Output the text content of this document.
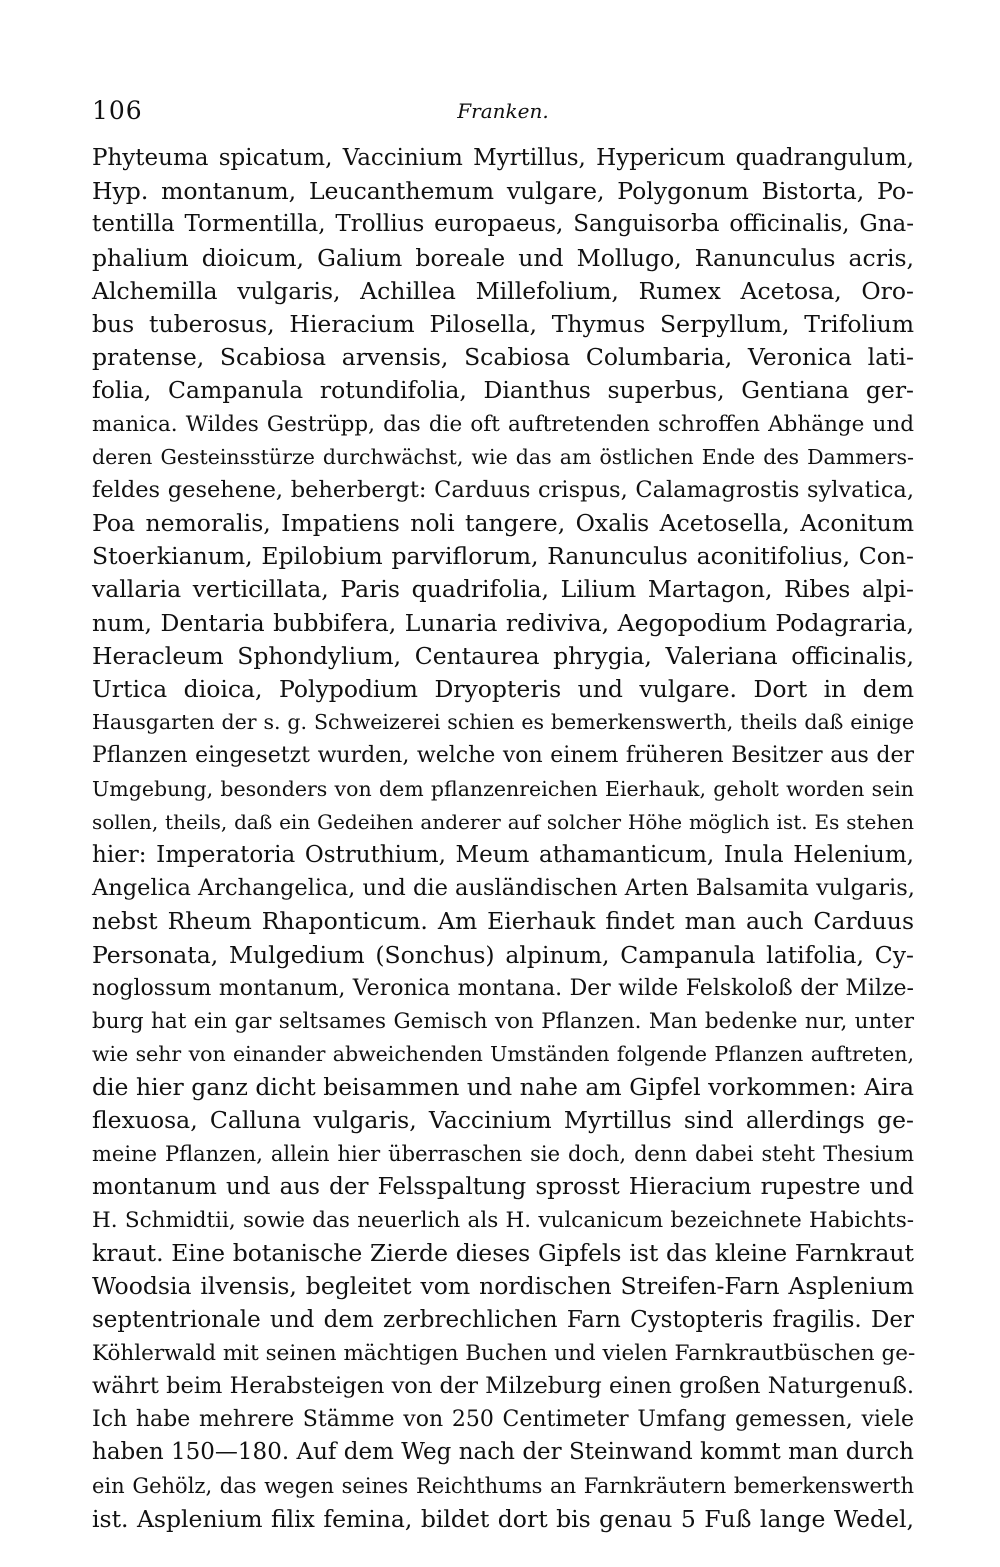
106	Franken.
Phyteuma spicatum, Vaccinium Myrtillus, Hypericum quadrangulum,
Hyp. montanum, Leucanthemum vulgare, Polygonum Bistorta, Po-
tentilla Tormentilla, Trollius europaeus, Sanguisorba officinalis, Gna-
phalium dioicum, Galium boreale und Mollugo, Ranunculus acris,
Alchemilla vulgaris, Achillea Millefolium, Rumex Acetosa, Oro-
bus tuberosus, Hieracium Pilosella, Thymus Serpyllum, Trifolium
pratense, Scabiosa arvensis, Scabiosa Columbaria, Veronica lati-
folia, Campanula rotundifolia, Dianthus superbus, Gentiana ger-
manica. Wildes Gestrüpp, das die oft auftretenden schroffen Abhänge und
deren Gesteinsstürze durchwächst, wie das am östlichen Ende des Dammers-
feldes gesehene, beherbergt: Carduus crispus, Calamagrostis sylvatica,
Poa nemoralis, Impatiens noli tangere, Oxalis Acetosella, Aconitum
Stoerkianum, Epilobium parviflorum, Ranunculus aconitifolius, Con-
vallaria verticillata, Paris quadrifolia, Lilium Martagon, Ribes alpi-
num, Dentaria bubbifera, Lunaria rediviva, Aegopodium Podagraria,
Heracleum Sphondylium, Centaurea phrygia, Valeriana officinalis,
Urtica dioica, Polypodium Dryopteris und vulgare. Dort in dem
Hausgarten der s. g. Schweizerei schien es bemerkenswerth, theils daß einige
Pflanzen eingesetzt wurden, welche von einem früheren Besitzer aus der
Umgebung, besonders von dem pflanzenreichen Eierhauk, geholt worden sein
sollen, theils, daß ein Gedeihen anderer auf solcher Höhe möglich ist. Es stehen
hier: Imperatoria Ostruthium, Meum athamanticum, Inula Helenium,
Angelica Archangelica, und die ausländischen Arten Balsamita vulgaris,
nebst Rheum Rhaponticum. Am Eierhauk findet man auch Carduus
Personata, Mulgedium (Sonchus) alpinum, Campanula latifolia, Cy-
noglossum montanum, Veronica montana. Der wilde Felskoloß der Milze-
burg hat ein gar seltsames Gemisch von Pflanzen. Man bedenke nur, unter
wie sehr von einander abweichenden Umständen folgende Pflanzen auftreten,
die hier ganz dicht beisammen und nahe am Gipfel vorkommen: Aira
flexuosa, Calluna vulgaris, Vaccinium Myrtillus sind allerdings ge-
meine Pflanzen, allein hier überraschen sie doch, denn dabei steht Thesium
montanum und aus der Felsspaltung sprosst Hieracium rupestre und
H. Schmidtii, sowie das neuerlich als H. vulcanicum bezeichnete Habichts-
kraut. Eine botanische Zierde dieses Gipfels ist das kleine Farnkraut
Woodsia ilvensis, begleitet vom nordischen Streifen-Farn Asplenium
septentrionale und dem zerbrechlichen Farn Cystopteris fragilis. Der
Köhlerwald mit seinen mächtigen Buchen und vielen Farnkrautbüschen ge-
währt beim Herabsteigen von der Milzeburg einen großen Naturgenuß.
Ich habe mehrere Stämme von 250 Centimeter Umfang gemessen, viele
haben 150—180. Auf dem Weg nach der Steinwand kommt man durch
ein Gehölz, das wegen seines Reichthums an Farnkräutern bemerkenswerth
ist. Asplenium filix femina, bildet dort bis genau 5 Fuß lange Wedel,
